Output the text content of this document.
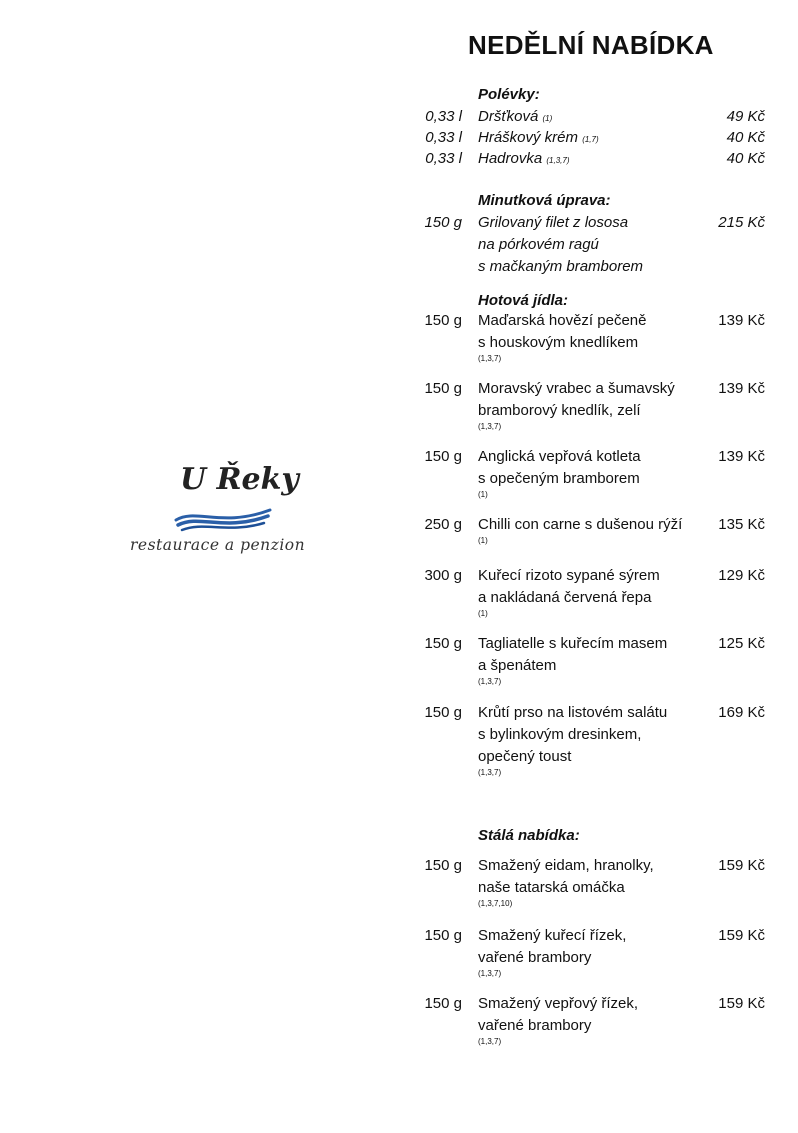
NEDĚLNÍ NABÍDKA
U Řeky
restaurace a penzion
Polévky:
0,33 l Dršťková (1)	49 Kč
0,33 l Hráškový krém (1,7)	40 Kč
0,33 l Hadrovka (1,3,7)	40 Kč
Minutková úprava:
150 g Grilovaný filet z lososa
na pórkovém ragú
s mačkaným bramborem
215 Kč
Hotová jídla:
150 g Maďarská hovězí pečeně
s houskovým knedlíkem
(1,3,7)
139 Kč
150 g Moravský vrabec a šumavský
bramborový knedlík, zelí
(1,3,7)
139 Kč
150 g Anglická vepřová kotleta
s opečeným bramborem
(1)
139 Kč
250 g Chilli con carne s dušenou rýží
(1)
135 Kč
300 g Kuřecí rizoto sypané sýrem
a nakládaná červená řepa
(1)
129 Kč
150 g Tagliatelle s kuřecím masem
a špenátem
(1,3,7)
125 Kč
150 g Krůtí prso na listovém salátu
s bylinkovým dresinkem,
opečený toust
(1,3,7)
169 Kč
Stálá nabídka:
150 g Smažený eidam, hranolky,
naše tatarská omáčka
(1,3,7,10)
159 Kč
150 g Smažený kuřecí řízek,
vařené brambory
(1,3,7)
159 Kč
150 g Smažený vepřový řízek,
vařené brambory
(1,3,7)
159 Kč
